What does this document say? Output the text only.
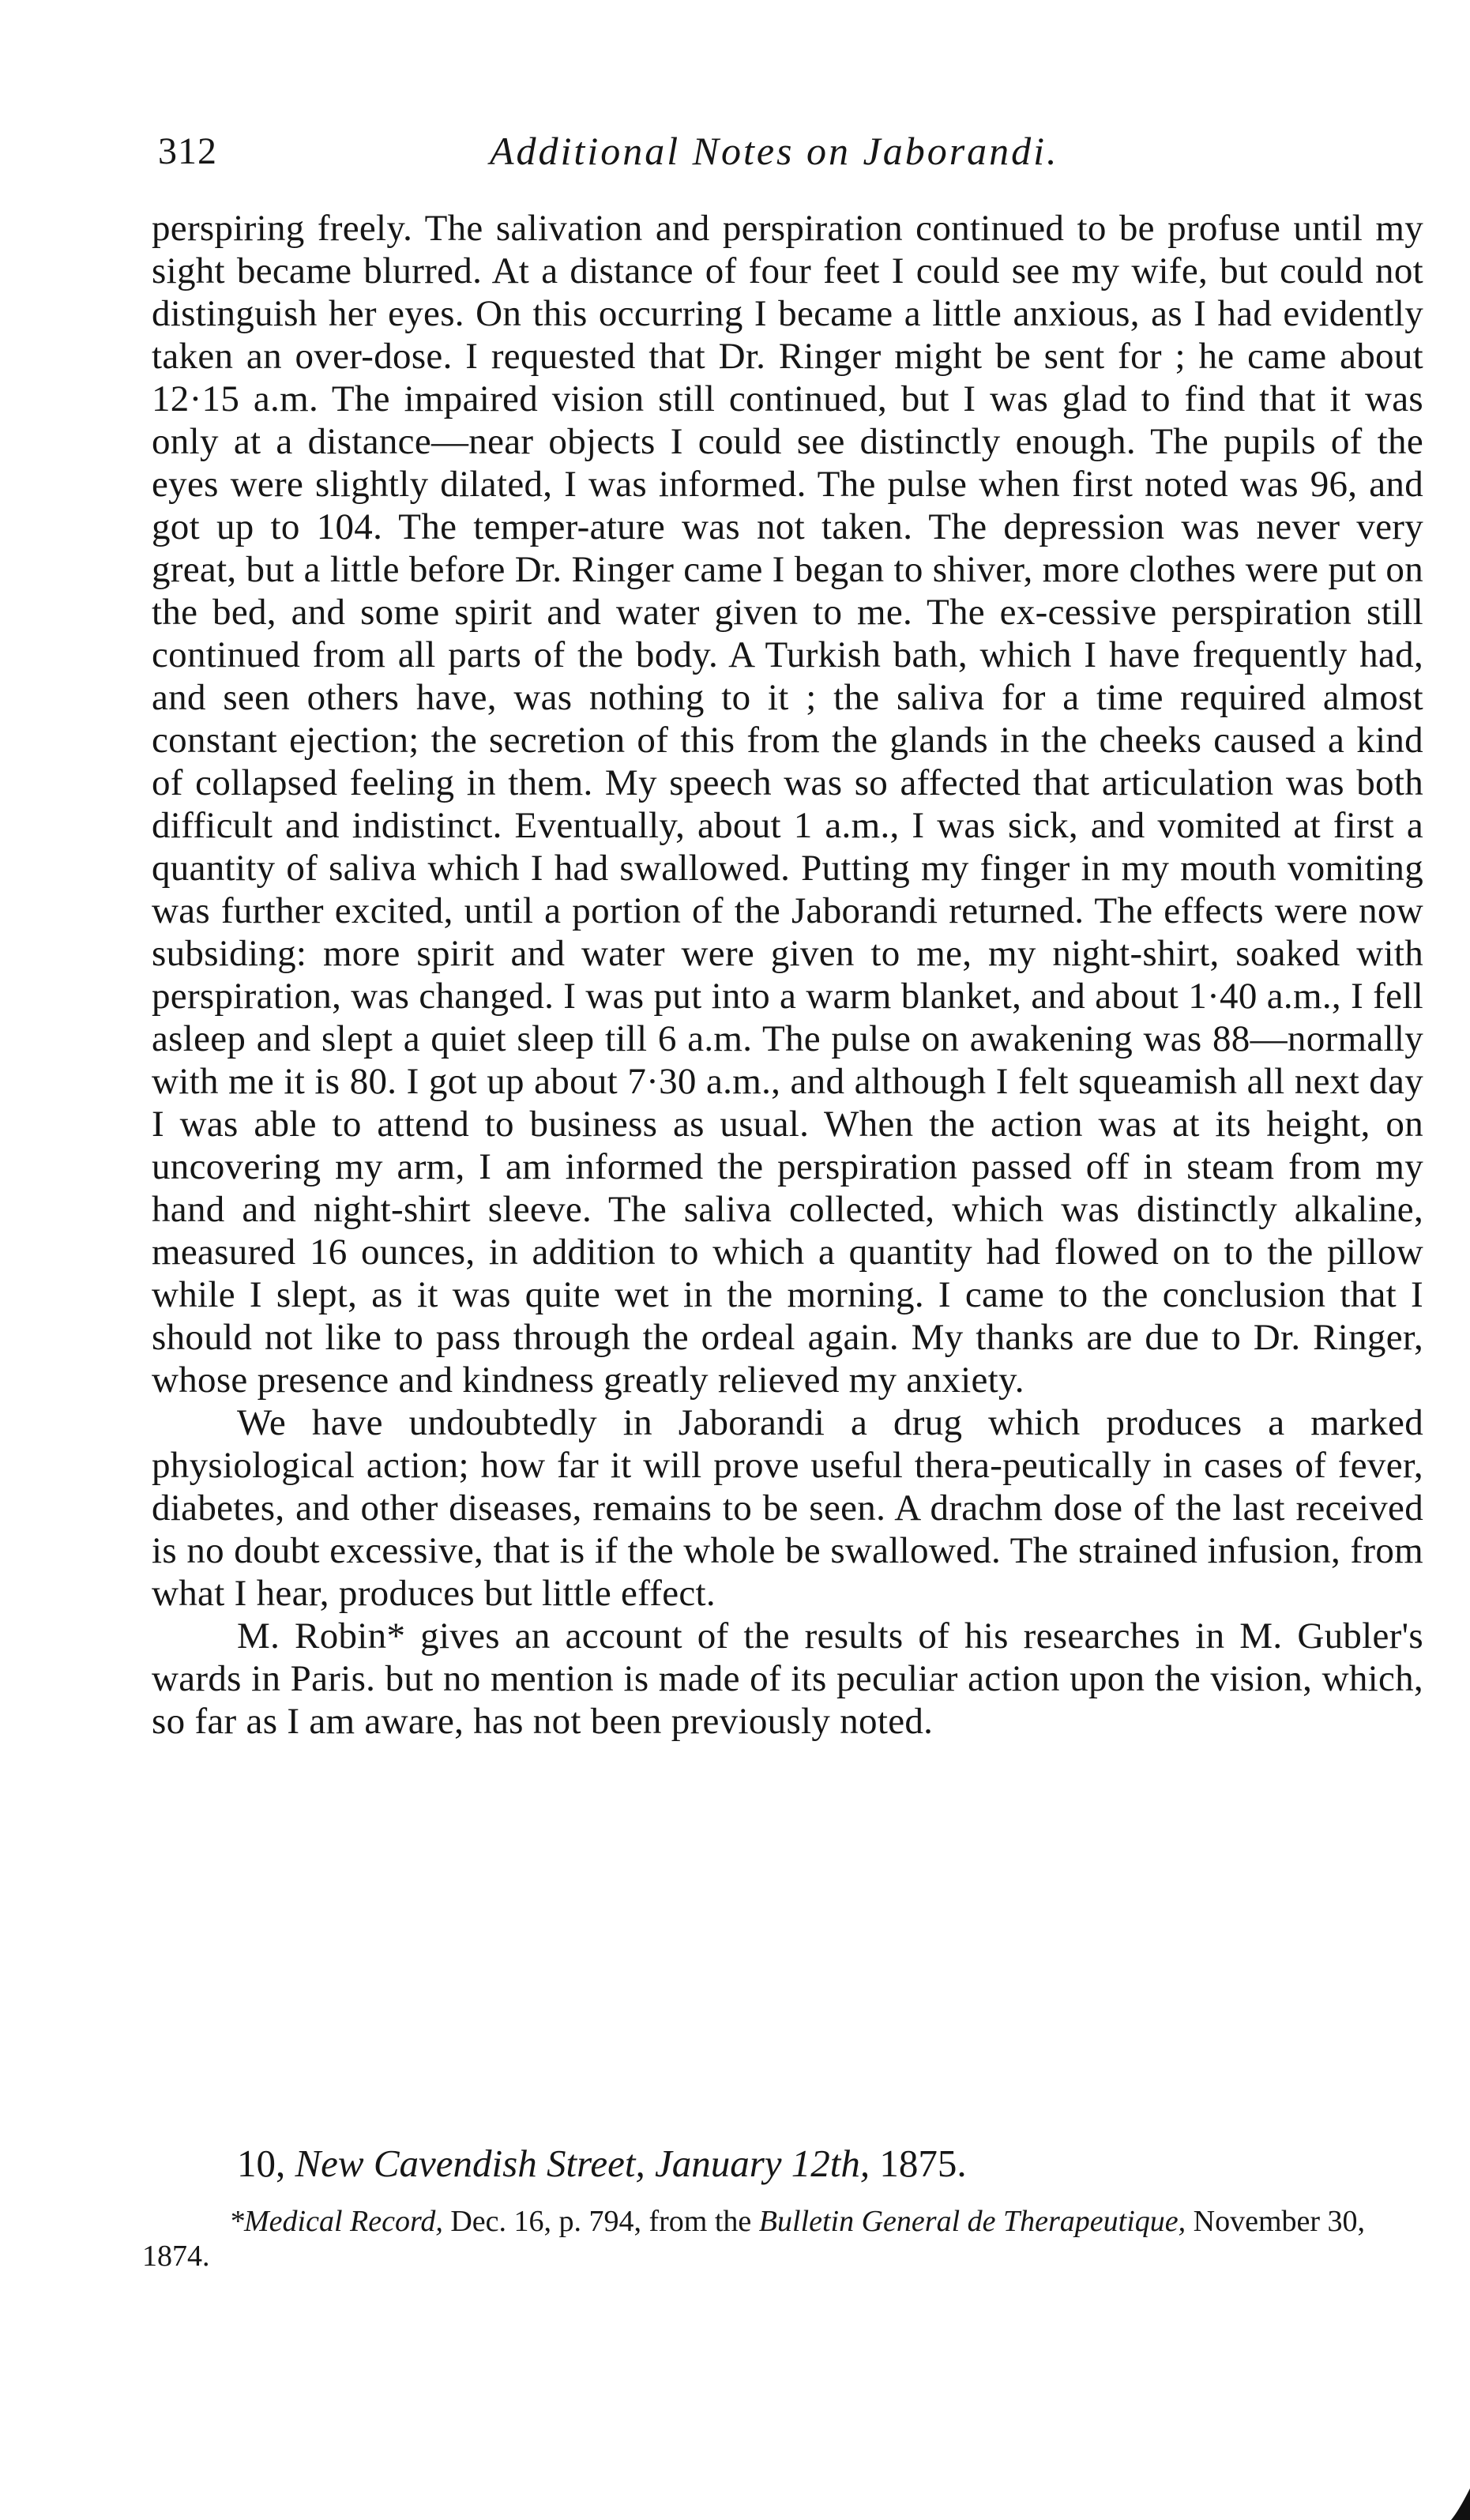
312	Additional Notes on Jaborandi.

perspiring freely. The salivation and perspiration continued to be profuse until my sight became blurred. At a distance of four feet I could see my wife, but could not distinguish her eyes. On this occurring I became a little anxious, as I had evidently taken an over-dose. I requested that Dr. Ringer might be sent for ; he came about 12·15 a.m. The impaired vision still continued, but I was glad to find that it was only at a distance—near objects I could see distinctly enough. The pupils of the eyes were slightly dilated, I was informed. The pulse when first noted was 96, and got up to 104. The temper-ature was not taken. The depression was never very great, but a little before Dr. Ringer came I began to shiver, more clothes were put on the bed, and some spirit and water given to me. The ex-cessive perspiration still continued from all parts of the body. A Turkish bath, which I have frequently had, and seen others have, was nothing to it ; the saliva for a time required almost constant ejection; the secretion of this from the glands in the cheeks caused a kind of collapsed feeling in them. My speech was so affected that articulation was both difficult and indistinct. Eventually, about 1 a.m., I was sick, and vomited at first a quantity of saliva which I had swallowed. Putting my finger in my mouth vomiting was further excited, until a portion of the Jaborandi returned. The effects were now subsiding: more spirit and water were given to me, my night-shirt, soaked with perspiration, was changed. I was put into a warm blanket, and about 1·40 a.m., I fell asleep and slept a quiet sleep till 6 a.m. The pulse on awakening was 88—normally with me it is 80. I got up about 7·30 a.m., and although I felt squeamish all next day I was able to attend to business as usual. When the action was at its height, on uncovering my arm, I am informed the perspiration passed off in steam from my hand and night-shirt sleeve. The saliva collected, which was distinctly alkaline, measured 16 ounces, in addition to which a quantity had flowed on to the pillow while I slept, as it was quite wet in the morning. I came to the conclusion that I should not like to pass through the ordeal again. My thanks are due to Dr. Ringer, whose presence and kindness greatly relieved my anxiety.

We have undoubtedly in Jaborandi a drug which produces a marked physiological action; how far it will prove useful thera-peutically in cases of fever, diabetes, and other diseases, remains to be seen. A drachm dose of the last received is no doubt excessive, that is if the whole be swallowed. The strained infusion, from what I hear, produces but little effect.

M. Robin* gives an account of the results of his researches in M. Gubler's wards in Paris. but no mention is made of its peculiar action upon the vision, which, so far as I am aware, has not been previously noted.

10, New Cavendish Street, January 12th, 1875.
*Medical Record, Dec. 16, p. 794, from the Bulletin General de Therapeutique, November 30, 1874.
